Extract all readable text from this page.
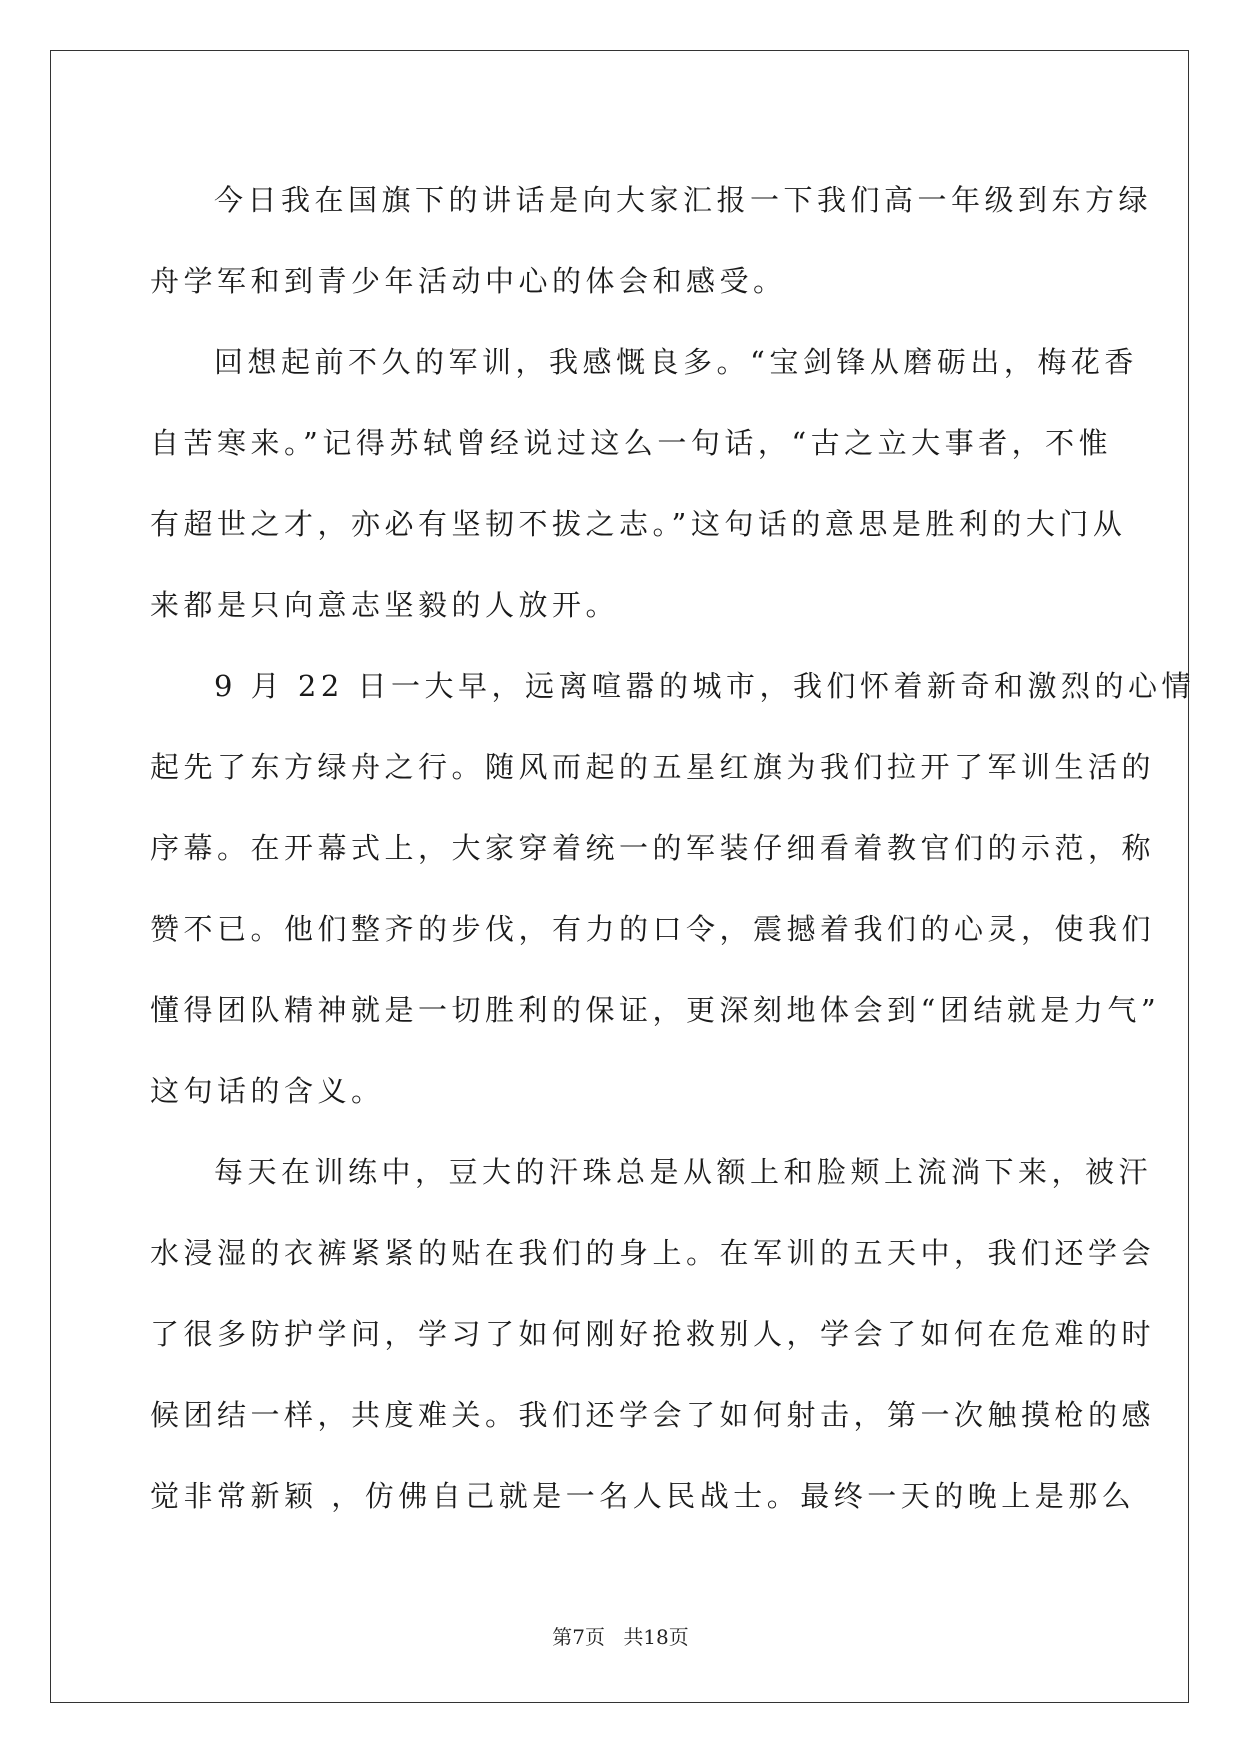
今日我在国旗下的讲话是向大家汇报一下我们高一年级到东方绿
舟学军和到青少年活动中心的体会和感受。

回想起前不久的军训，我感慨良多。“宝剑锋从磨砺出，梅花香
自苦寒来。”记得苏轼曾经说过这么一句话，“古之立大事者，不惟
有超世之才，亦必有坚韧不拔之志。”这句话的意思是胜利的大门从
来都是只向意志坚毅的人放开。

9 月 22 日一大早，远离喧嚣的城市，我们怀着新奇和激烈的心情
起先了东方绿舟之行。随风而起的五星红旗为我们拉开了军训生活的
序幕。在开幕式上，大家穿着统一的军装仔细看着教官们的示范，称
赞不已。他们整齐的步伐，有力的口令，震撼着我们的心灵，使我们
懂得团队精神就是一切胜利的保证，更深刻地体会到“团结就是力气”
这句话的含义。

每天在训练中，豆大的汗珠总是从额上和脸颊上流淌下来，被汗
水浸湿的衣裤紧紧的贴在我们的身上。在军训的五天中，我们还学会
了很多防护学问，学习了如何刚好抢救别人，学会了如何在危难的时
候团结一样，共度难关。我们还学会了如何射击，第一次触摸枪的感
觉非常新颖 ，仿佛自己就是一名人民战士。最终一天的晚上是那么

第7页 共18页
